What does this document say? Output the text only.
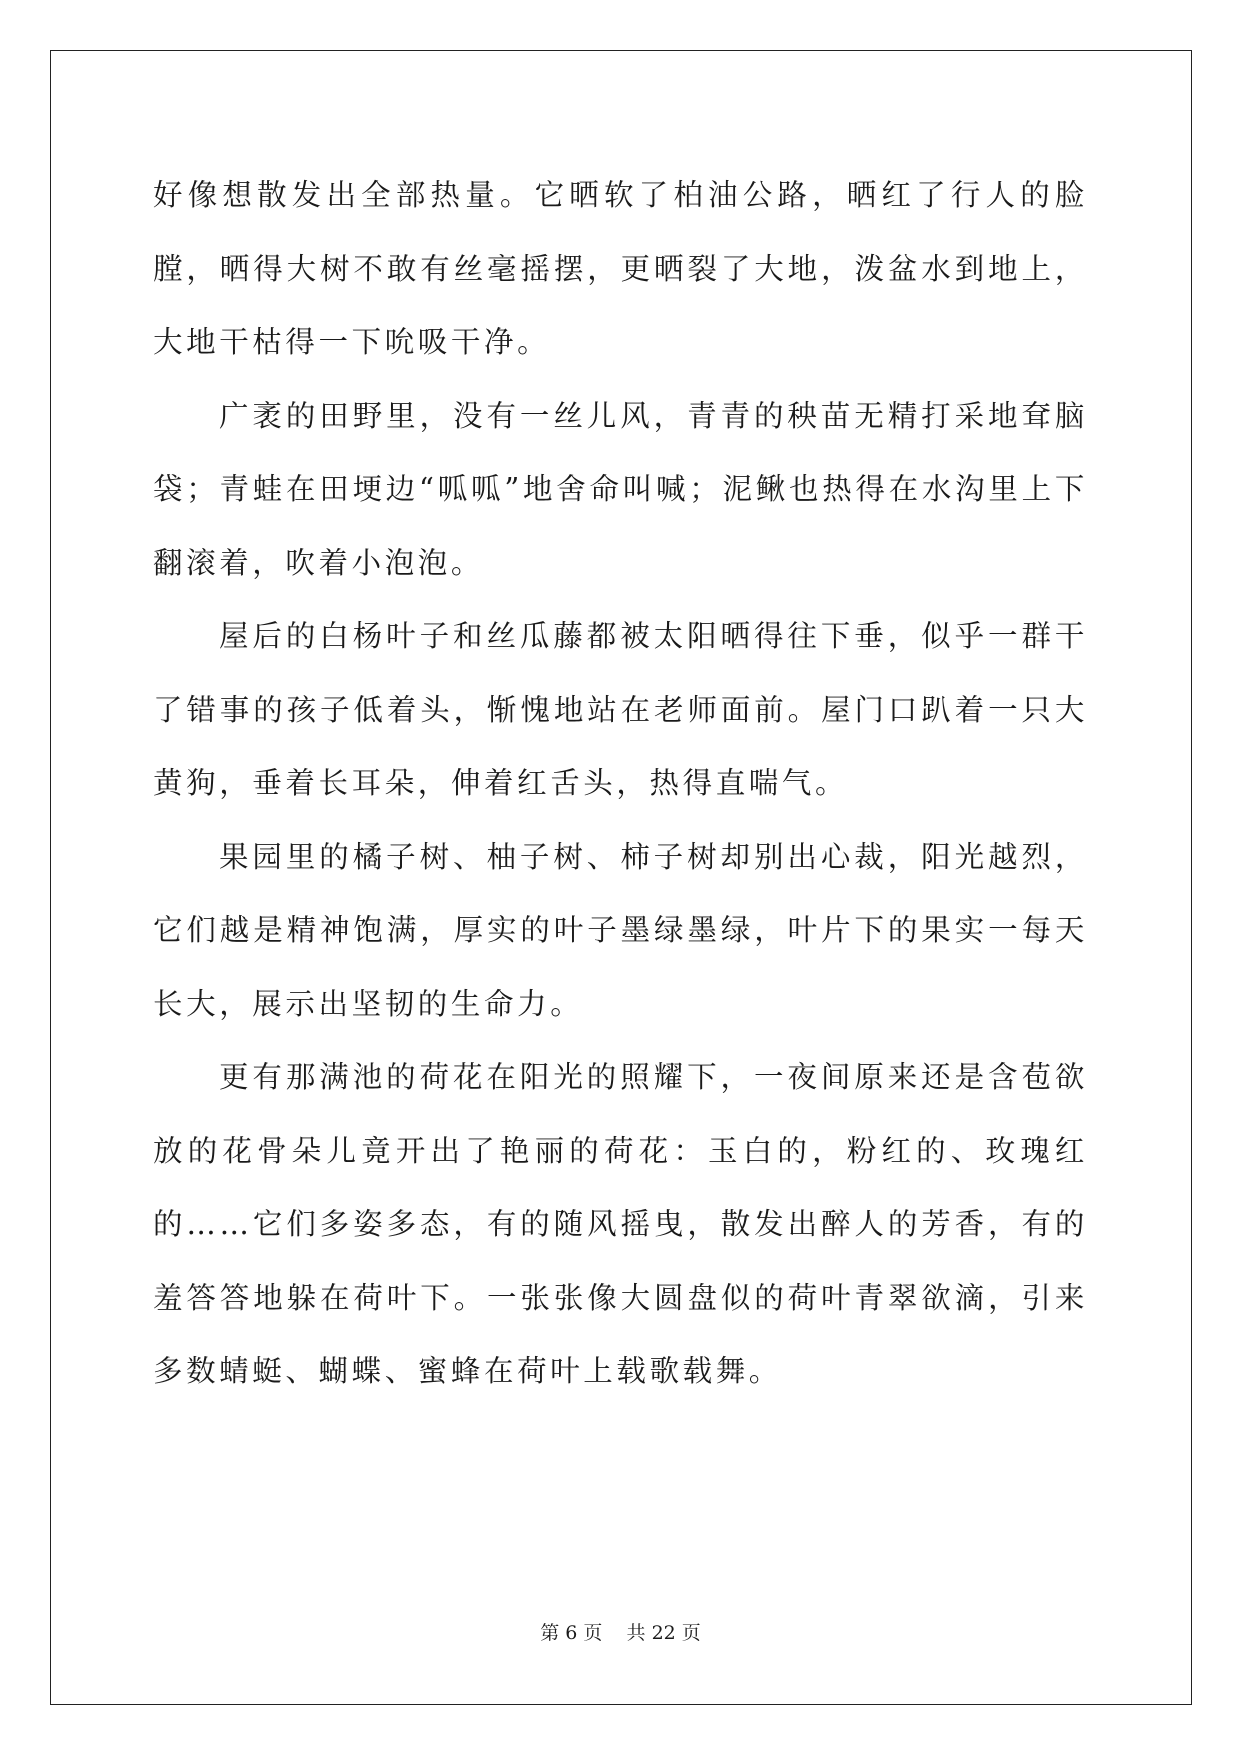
好像想散发出全部热量。它晒软了柏油公路，晒红了行人的脸膛，晒得大树不敢有丝毫摇摆，更晒裂了大地，泼盆水到地上，大地干枯得一下吮吸干净。

广袤的田野里，没有一丝儿风，青青的秧苗无精打采地耷脑袋；青蛙在田埂边“呱呱”地舍命叫喊；泥鳅也热得在水沟里上下翻滚着，吹着小泡泡。

屋后的白杨叶子和丝瓜藤都被太阳晒得往下垂，似乎一群干了错事的孩子低着头，惭愧地站在老师面前。屋门口趴着一只大黄狗，垂着长耳朵，伸着红舌头，热得直喘气。

果园里的橘子树、柚子树、柿子树却别出心裁，阳光越烈，它们越是精神饱满，厚实的叶子墨绿墨绿，叶片下的果实一每天长大，展示出坚韧的生命力。

更有那满池的荷花在阳光的照耀下，一夜间原来还是含苞欲放的花骨朵儿竟开出了艳丽的荷花：玉白的，粉红的、玫瑰红的……它们多姿多态，有的随风摇曳，散发出醉人的芳香，有的羞答答地躲在荷叶下。一张张像大圆盘似的荷叶青翠欲滴，引来多数蜻蜓、蝴蝶、蜜蜂在荷叶上载歌载舞。

第 6 页 共 22 页
